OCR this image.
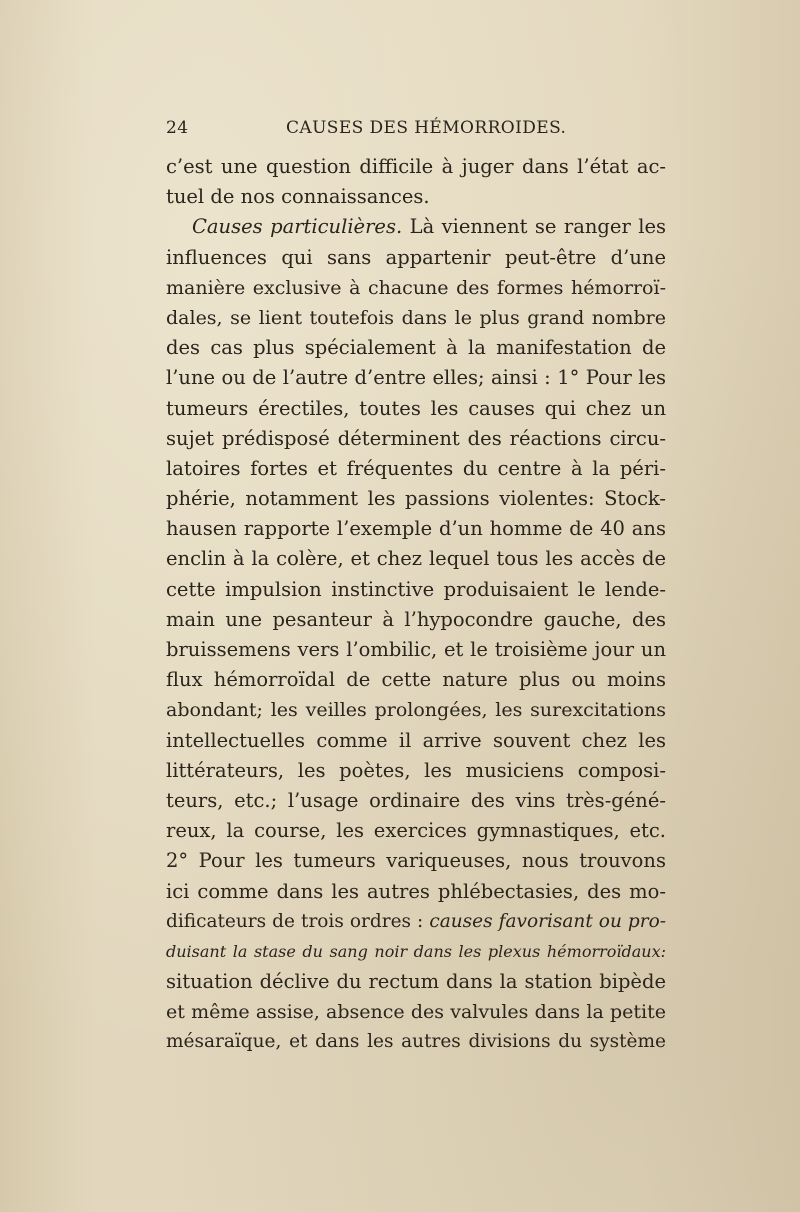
24	CAUSES DES HÉMORROIDES.
c’est une question difficile à juger dans l’état ac-
tuel de nos connaissances.
Causes particulières. Là viennent se ranger les
influences qui sans appartenir peut-être d’une
manière exclusive à chacune des formes hémorroï-
dales, se lient toutefois dans le plus grand nombre
des cas plus spécialement à la manifestation de
l’une ou de l’autre d’entre elles; ainsi : 1° Pour les
tumeurs érectiles, toutes les causes qui chez un
sujet prédisposé déterminent des réactions circu-
latoires fortes et fréquentes du centre à la péri-
phérie, notamment les passions violentes: Stock-
hausen rapporte l’exemple d’un homme de 40 ans
enclin à la colère, et chez lequel tous les accès de
cette impulsion instinctive produisaient le lende-
main une pesanteur à l’hypocondre gauche, des
bruissemens vers l’ombilic, et le troisième jour un
flux hémorroïdal de cette nature plus ou moins
abondant; les veilles prolongées, les surexcitations
intellectuelles comme il arrive souvent chez les
littérateurs, les poètes, les musiciens composi-
teurs, etc.; l’usage ordinaire des vins très-géné-
reux, la course, les exercices gymnastiques, etc.
2° Pour les tumeurs variqueuses, nous trouvons
ici comme dans les autres phlébectasies, des mo-
dificateurs de trois ordres : causes favorisant ou pro-
duisant la stase du sang noir dans les plexus hémorroïdaux:
situation déclive du rectum dans la station bipède
et même assise, absence des valvules dans la petite
mésaraïque, et dans les autres divisions du système
